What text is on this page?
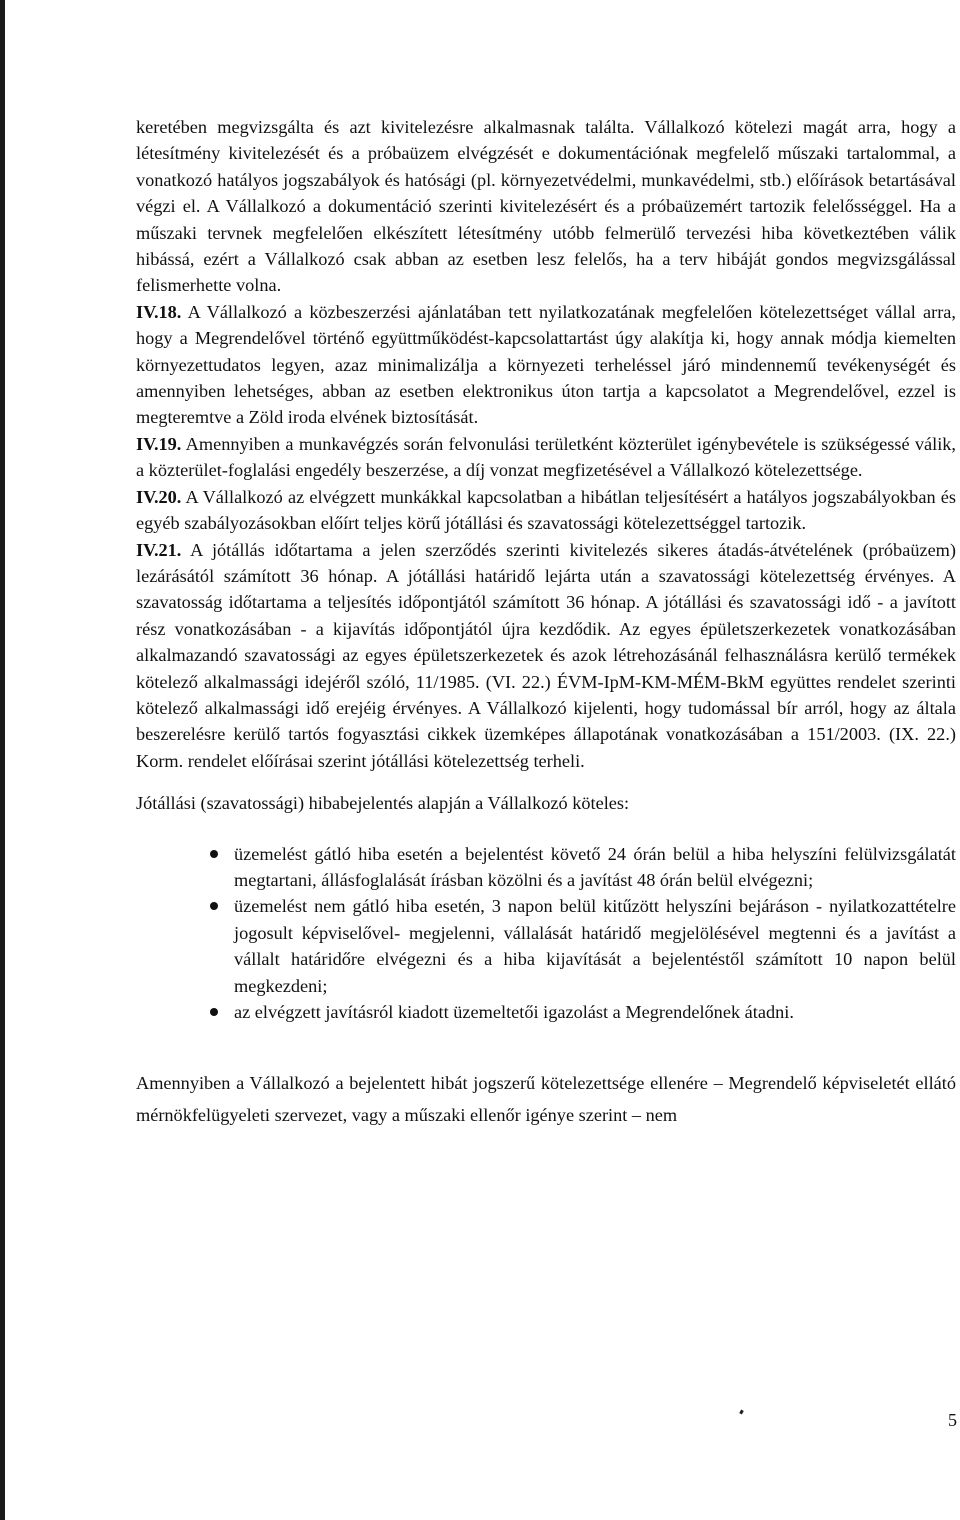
keretében megvizsgálta és azt kivitelezésre alkalmasnak találta. Vállalkozó kötelezi magát arra, hogy a létesítmény kivitelezését és a próbaüzem elvégzését e dokumentációnak megfelelő műszaki tartalommal, a vonatkozó hatályos jogszabályok és hatósági (pl. környezetvédelmi, munkavédelmi, stb.) előírások betartásával végzi el. A Vállalkozó a dokumentáció szerinti kivitelezésért és a próbaüzemért tartozik felelősséggel. Ha a műszaki tervnek megfelelően elkészített létesítmény utóbb felmerülő tervezési hiba következtében válik hibássá, ezért a Vállalkozó csak abban az esetben lesz felelős, ha a terv hibáját gondos megvizsgálással felismerhette volna.

IV.18. A Vállalkozó a közbeszerzési ajánlatában tett nyilatkozatának megfelelően kötelezettséget vállal arra, hogy a Megrendelővel történő együttműködést-kapcsolattartást úgy alakítja ki, hogy annak módja kiemelten környezettudatos legyen, azaz minimalizálja a környezeti terheléssel járó mindennemű tevékenységét és amennyiben lehetséges, abban az esetben elektronikus úton tartja a kapcsolatot a Megrendelővel, ezzel is megteremtve a Zöld iroda elvének biztosítását.

IV.19. Amennyiben a munkavégzés során felvonulási területként közterület igénybevétele is szükségessé válik, a közterület-foglalási engedély beszerzése, a díj vonzat megfizetésével a Vállalkozó kötelezettsége.

IV.20. A Vállalkozó az elvégzett munkákkal kapcsolatban a hibátlan teljesítésért a hatályos jogszabályokban és egyéb szabályozásokban előírt teljes körű jótállási és szavatossági kötelezettséggel tartozik.

IV.21. A jótállás időtartama a jelen szerződés szerinti kivitelezés sikeres átadás-átvételének (próbaüzem) lezárásától számított 36 hónap. A jótállási határidő lejárta után a szavatossági kötelezettség érvényes. A szavatosság időtartama a teljesítés időpontjától számított 36 hónap. A jótállási és szavatossági idő - a javított rész vonatkozásában - a kijavítás időpontjától újra kezdődik. Az egyes épületszerkezetek vonatkozásában alkalmazandó szavatossági az egyes épületszerkezetek és azok létrehozásánál felhasználásra kerülő termékek kötelező alkalmassági idejéről szóló, 11/1985. (VI. 22.) ÉVM-IpM-KM-MÉM-BkM együttes rendelet szerinti kötelező alkalmassági idő erejéig érvényes. A Vállalkozó kijelenti, hogy tudomással bír arról, hogy az általa beszerelésre kerülő tartós fogyasztási cikkek üzemképes állapotának vonatkozásában a 151/2003. (IX. 22.) Korm. rendelet előírásai szerint jótállási kötelezettség terheli.

Jótállási (szavatossági) hibabejelentés alapján a Vállalkozó köteles:

üzemelést gátló hiba esetén a bejelentést követő 24 órán belül a hiba helyszíni felülvizsgálatát megtartani, állásfoglalását írásban közölni és a javítást 48 órán belül elvégezni;
üzemelést nem gátló hiba esetén, 3 napon belül kitűzött helyszíni bejáráson - nyilatkozattételre jogosult képviselővel- megjelenni, vállalását határidő megjelölésével megtenni és a javítást a vállalt határidőre elvégezni és a hiba kijavítását a bejelentéstől számított 10 napon belül megkezdeni;
az elvégzett javításról kiadott üzemeltetői igazolást a Megrendelőnek átadni.

Amennyiben a Vállalkozó a bejelentett hibát jogszerű kötelezettsége ellenére – Megrendelő képviseletét ellátó mérnökfelügyeleti szervezet, vagy a műszaki ellenőr igénye szerint – nem

5
